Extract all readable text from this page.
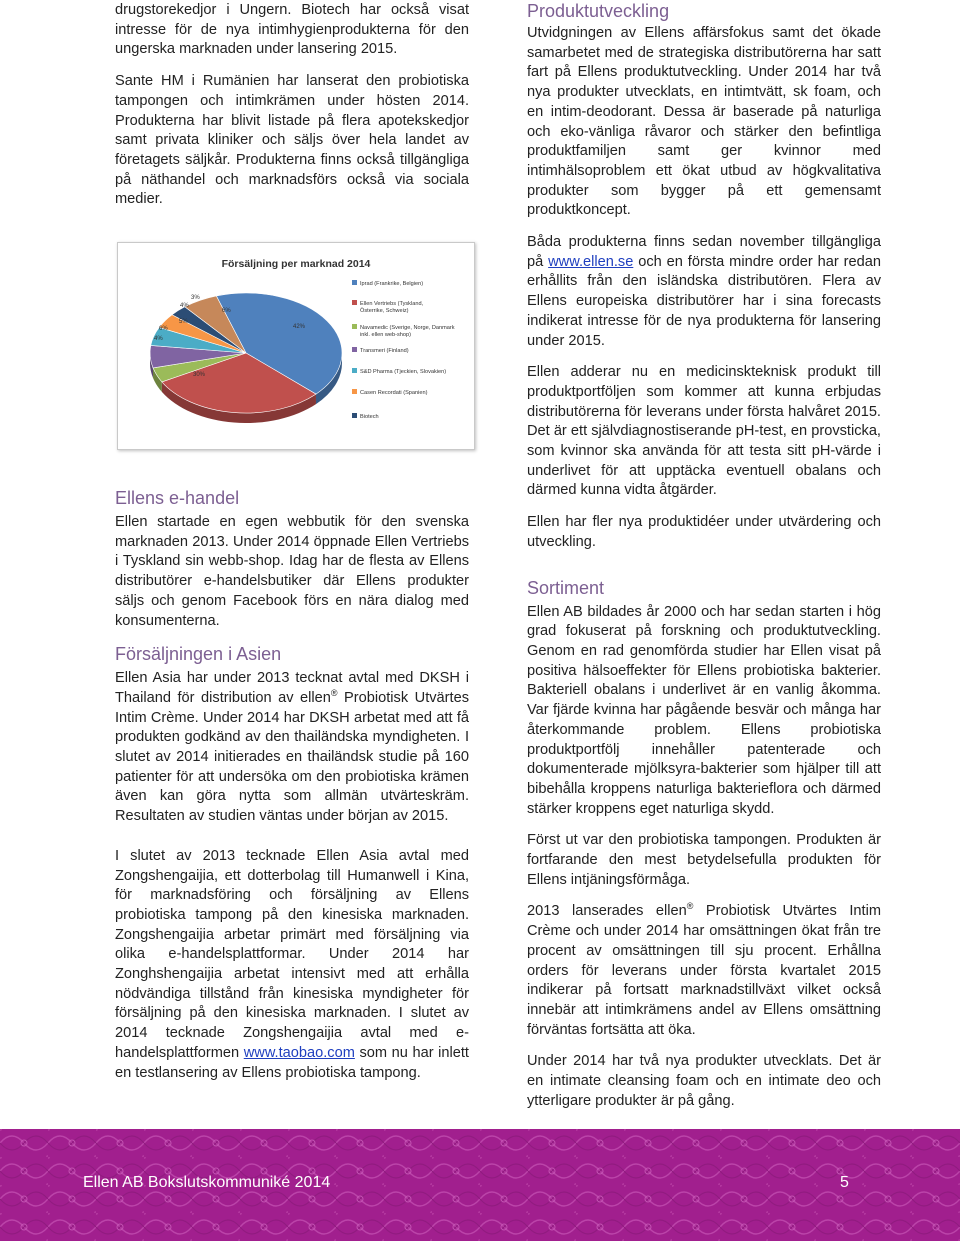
drugstorekedjor i Ungern. Biotech har också visat intresse för de nya intimhygienprodukterna för den ungerska marknaden under lansering 2015.

Sante HM i Rumänien har lanserat den probiotiska tampongen och intimkrämen under hösten 2014. Produkterna har blivit listade på flera apotekskedjor samt privata kliniker och säljs över hela landet av företagets säljkår. Produkterna finns också tillgängliga på näthandel och marknadsförs också via sociala medier.

Försäljning per marknad 2014
42%
30%
4%
6%
5%
4%
3%
6%
Iprad (Frankrike, Belgien)
Ellen Vertriebs (Tyskland, Österrike, Schweiz)
Navamedic (Sverige, Norge, Danmark inkl. ellen web-shop)
Transmeri (Finland)
S&D Pharma (Tjeckien, Slovakien)
Casen Recordati (Spanien)
Biotech
Ellens e-handel

Ellen startade en egen webbutik för den svenska marknaden 2013. Under 2014 öppnade Ellen Vertriebs i Tyskland sin webb-shop. Idag har de flesta av Ellens distributörer e-handelsbutiker där Ellens produkter säljs och genom Facebook förs en nära dialog med konsumenterna.

Försäljningen i Asien

Ellen Asia har under 2013 tecknat avtal med DKSH i Thailand för distribution av ellen® Probiotisk Utvärtes Intim Crème. Under 2014 har DKSH arbetat med att få produkten godkänd av den thailändska myndigheten. I slutet av 2014 initierades en thailändsk studie på 160 patienter för att undersöka om den probiotiska krämen även kan göra nytta som allmän utvärteskräm. Resultaten av studien väntas under början av 2015.

I slutet av 2013 tecknade Ellen Asia avtal med Zongshengaijia, ett dotterbolag till Humanwell i Kina, för marknadsföring och försäljning av Ellens probiotiska tampong på den kinesiska marknaden. Zongshengaijia arbetar primärt med försäljning via olika e-handelsplattformar. Under 2014 har Zonghshengaijia arbetat intensivt med att erhålla nödvändiga tillstånd från kinesiska myndigheter för försäljning på den kinesiska marknaden. I slutet av 2014 tecknade Zongshengaijia avtal med e-handelsplattformen www.taobao.com som nu har inlett en testlansering av Ellens probiotiska tampong.

Produktutveckling

Utvidgningen av Ellens affärsfokus samt det ökade samarbetet med de strategiska distributörerna har satt fart på Ellens produktutveckling. Under 2014 har två nya produkter utvecklats, en intimtvätt, sk foam, och en intim-deodorant. Dessa är baserade på naturliga och eko-vänliga råvaror och stärker den befintliga produktfamiljen samt ger kvinnor med intimhälsoproblem ett ökat utbud av högkvalitativa produkter som bygger på ett gemensamt produktkoncept.

Båda produkterna finns sedan november tillgängliga på www.ellen.se och en första mindre order har redan erhållits från den isländska distributören. Flera av Ellens europeiska distributörer har i sina forecasts indikerat intresse för de nya produkterna för lansering under 2015.

Ellen adderar nu en medicinskteknisk produkt till produktportföljen som kommer att kunna erbjudas distributörerna för leverans under första halvåret 2015. Det är ett självdiagnostiserande pH-test, en provsticka, som kvinnor ska använda för att testa sitt pH-värde i underlivet för att upptäcka eventuell obalans och därmed kunna vidta åtgärder.

Ellen har fler nya produktidéer under utvärdering och utveckling.

Sortiment

Ellen AB bildades år 2000 och har sedan starten i hög grad fokuserat på forskning och produktutveckling. Genom en rad genomförda studier har Ellen visat på positiva hälsoeffekter för Ellens probiotiska bakterier. Bakteriell obalans i underlivet är en vanlig åkomma. Var fjärde kvinna har pågående besvär och många har återkommande problem. Ellens probiotiska produktportfölj innehåller patenterade och dokumenterade mjölksyra-bakterier som hjälper till att bibehålla kroppens naturliga bakterieflora och därmed stärker kroppens eget naturliga skydd.

Först ut var den probiotiska tampongen. Produkten är fortfarande den mest betydelsefulla produkten för Ellens intjäningsförmåga.

2013 lanserades ellen® Probiotisk Utvärtes Intim Crème och under 2014 har omsättningen ökat från tre procent av omsättningen till sju procent. Erhållna orders för leverans under första kvartalet 2015 indikerar på fortsatt marknadstillväxt vilket också innebär att intimkrämens andel av Ellens omsättning förväntas fortsätta att öka.

Under 2014 har två nya produkter utvecklats. Det är en intimate cleansing foam och en intimate deo och ytterligare produkter är på gång.

Ellen AB Bokslutskommuniké 2014	5
